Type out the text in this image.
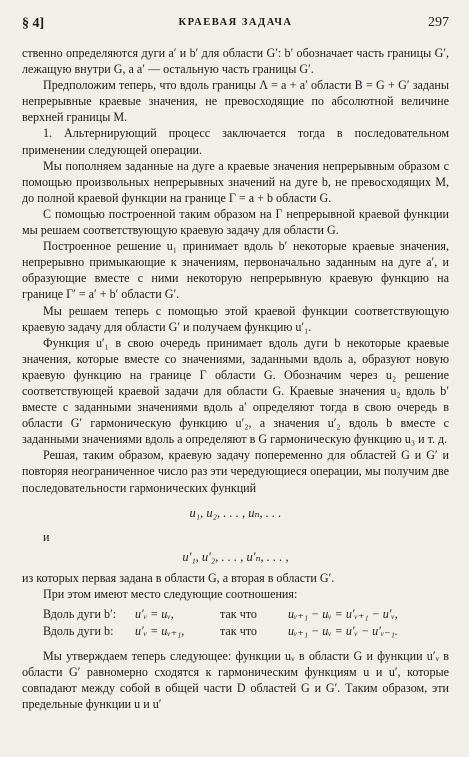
§ 4]	КРАЕВАЯ ЗАДАЧА	297

ственно определяются дуги a′ и b′ для области G′: b′ обозначает часть границы G′, лежащую внутри G, а a′ — остальную часть границы G′.

Предположим теперь, что вдоль границы Λ = a + a′ области B = G + G′ заданы непрерывные краевые значения, не превосходящие по абсолютной величине верхней границы M.

1. Альтернирующий процесс заключается тогда в последовательном применении следующей операции.

Мы пополняем заданные на дуге a краевые значения непрерывным образом с помощью произвольных непрерывных значений на дуге b, не превосходящих M, до полной краевой функции на границе Γ = a + b области G.

С помощью построенной таким образом на Γ непрерывной краевой функции мы решаем соответствующую краевую задачу для области G.

Построенное решение u₁ принимает вдоль b′ некоторые краевые значения, непрерывно примыкающие к значениям, первоначально заданным на дуге a′, и образующие вместе с ними некоторую непрерывную краевую функцию на границе Γ′ = a′ + b′ области G′.

Мы решаем теперь с помощью этой краевой функции соответствующую краевую задачу для области G′ и получаем функцию u′₁.

Функция u′₁ в свою очередь принимает вдоль дуги b некоторые краевые значения, которые вместе со значениями, заданными вдоль a, образуют новую краевую функцию на границе Γ области G. Обозначим через u₂ решение соответствующей краевой задачи для области G. Краевые значения u₂ вдоль b′ вместе с заданными значениями вдоль a′ определяют тогда в свою очередь в области G′ гармоническую функцию u′₂, а значения u′₂ вдоль b вместе с заданными значениями вдоль a определяют в G гармоническую функцию u₃ и т. д.

Решая, таким образом, краевую задачу попеременно для областей G и G′ и повторяя неограниченное число раз эти чередующиеся операции, мы получим две последовательности гармонических функций

u₁, u₂, . . . , uₙ, . . .

и

u′₁, u′₂, . . . , u′ₙ, . . . ,

из которых первая задана в области G, а вторая в области G′.

При этом имеют место следующие соотношения:

Вдоль дуги b′:	u′ᵥ = uᵥ,	так что	uᵥ₊₁ − uᵥ = u′ᵥ₊₁ − u′ᵥ,
Вдоль дуги b:	u′ᵥ = uᵥ₊₁,	так что	uᵥ₊₁ − uᵥ = u′ᵥ − u′ᵥ₋₁.

Мы утверждаем теперь следующее: функции uᵥ в области G и функции u′ᵥ в области G′ равномерно сходятся к гармоническим функциям u и u′, которые совпадают между собой в общей части D областей G и G′. Таким образом, эти предельные функции u и u′
